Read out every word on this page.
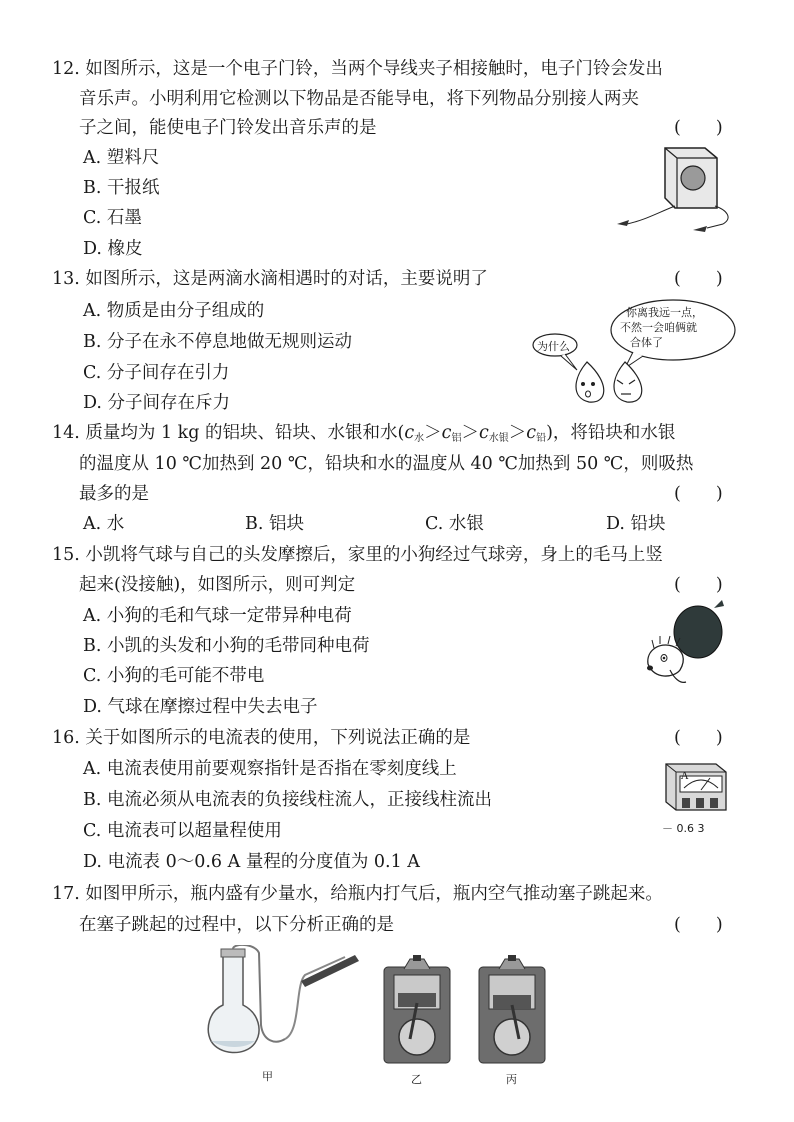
12. 如图所示，这是一个电子门铃，当两个导线夹子相接触时，电子门铃会发出
音乐声。小明利用它检测以下物品是否能导电，将下列物品分别接人两夹
子之间，能使电子门铃发出音乐声的是	(　　)
A. 塑料尺
B. 干报纸
C. 石墨
D. 橡皮
13. 如图所示，这是两滴水滴相遇时的对话，主要说明了	(　　)
A. 物质是由分子组成的
B. 分子在永不停息地做无规则运动
C. 分子间存在引力
D. 分子间存在斥力
为什么
你离我远一点，
不然一会咱俩就
合体了
14. 质量均为 1 kg 的铝块、铅块、水银和水$(c_水>c_铝>c_{水银}>c_铅)$，将铅块和水银
的温度从 10 ℃加热到 20 ℃，铅块和水的温度从 40 ℃加热到 50 ℃，则吸热
最多的是	(　　)
A. 水	B. 铝块	C. 水银	D. 铅块
15. 小凯将气球与自己的头发摩擦后，家里的小狗经过气球旁，身上的毛马上竖
起来(没接触)，如图所示，则可判定	(　　)
A. 小狗的毛和气球一定带异种电荷
B. 小凯的头发和小狗的毛带同种电荷
C. 小狗的毛可能不带电
D. 气球在摩擦过程中失去电子
16. 关于如图所示的电流表的使用，下列说法正确的是	(　　)
A. 电流表使用前要观察指针是否指在零刻度线上
B. 电流必须从电流表的负接线柱流人，正接线柱流出
C. 电流表可以超量程使用
D. 电流表 0～0.6 A 量程的分度值为 0.1 A
A
－ 0.6 3
17. 如图甲所示，瓶内盛有少量水，给瓶内打气后，瓶内空气推动塞子跳起来。
在塞子跳起的过程中，以下分析正确的是	(　　)
甲	乙	丙
